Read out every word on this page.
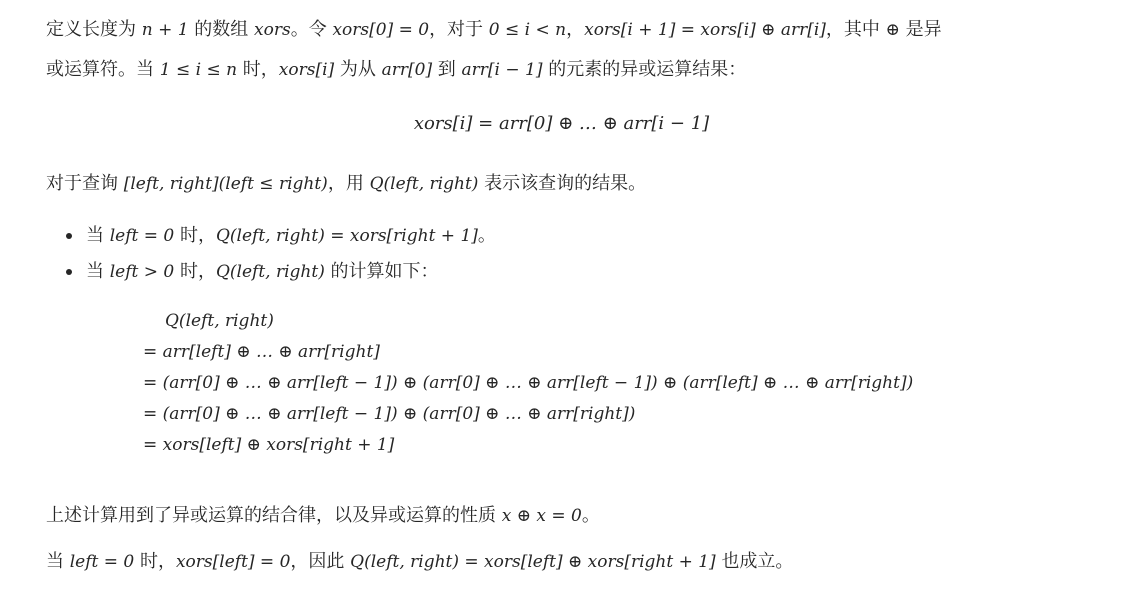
定义长度为 n + 1 的数组 xors。令 xors[0] = 0，对于 0 ≤ i < n，xors[i + 1] = xors[i] ⊕ arr[i]，其中 ⊕ 是异
或运算符。当 1 ≤ i ≤ n 时，xors[i] 为从 arr[0] 到 arr[i − 1] 的元素的异或运算结果：
xors[i] = arr[0] ⊕ … ⊕ arr[i − 1]
对于查询 [left, right](left ≤ right)，用 Q(left, right) 表示该查询的结果。
当 left = 0 时，Q(left, right) = xors[right + 1]。
当 left > 0 时，Q(left, right) 的计算如下：
Q(left, right)
= arr[left] ⊕ … ⊕ arr[right]
= (arr[0] ⊕ … ⊕ arr[left − 1]) ⊕ (arr[0] ⊕ … ⊕ arr[left − 1]) ⊕ (arr[left] ⊕ … ⊕ arr[right])
= (arr[0] ⊕ … ⊕ arr[left − 1]) ⊕ (arr[0] ⊕ … ⊕ arr[right])
= xors[left] ⊕ xors[right + 1]
上述计算用到了异或运算的结合律，以及异或运算的性质 x ⊕ x = 0。
当 left = 0 时，xors[left] = 0，因此 Q(left, right) = xors[left] ⊕ xors[right + 1] 也成立。
